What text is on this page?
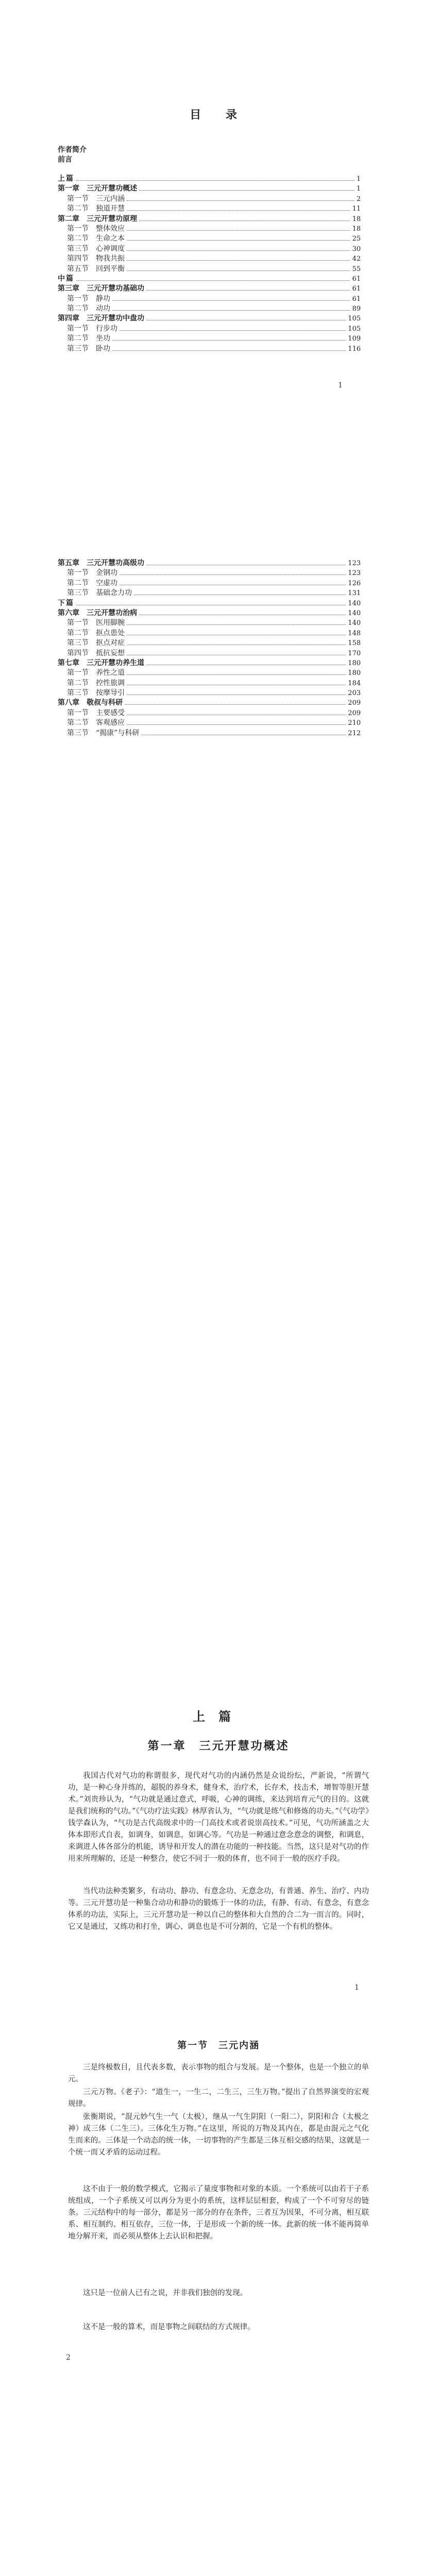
目 录
作者简介
前言
上篇	1
第一章　三元开慧功概述	1
第一节　三元内涵	2
第二节　独道开慧	11
第二章　三元开慧功原理	18
第一节　整体效应	18
第二节　生命之本	25
第三节　心神调度	30
第四节　物我共振	42
第五节　回到平衡	55
中篇	61
第三章　三元开慧功基础功	61
第一节　静功	61
第二节　动功	89
第四章　三元开慧功中盘功	105
第一节　行步功	105
第二节　坐功	109
第三节　卧功	116
1
第五章　三元开慧功高级功	123
第一节　金钢功	123
第二节　空虚功	126
第三节　基础念力功	131
下篇	140
第六章　三元开慧功治病	140
第一节　医用脚腕	140
第二节　抠点患处	148
第三节　抠点对症	158
第四节　抵抗妄想	170
第七章　三元开慧功养生道	180
第一节　养性之道	180
第二节　控性旅调	184
第三节　按摩导引	203
第八章　敬叔与科研	209
第一节　主要感受	209
第二节　客观感应	210
第三节　“揭康”与科研	212
上篇
第一章　三元开慧功概述

我国古代对气功的称谓很多，现代对气功的内涵仍然是众说纷纭，严新说，“所谓气功，是一种心身并练的，超脱的养身术，健身术，治疗术，长存术，技击术，增智等胆开慧术。”刘贵珍认为，“气功就是通过意式，呼吸，心神的调练，来达到培育元气的目的。这就是我们统称的气功。”《气功疗法实践》林厚省认为，“气功就是练气和修炼的功夫。”《气功学》钱学森认为，“气功是古代高级求中的一门高技术或者说崇高技术。”可见，气功所涵盖之大体本即形式自表，如调身，如调息，如调心等。气功是一种通过意念意念的调整，和调息，来调进人体各部分的机能，诱导和开发人的潜在功能的一种技能。当然，这只是对气功的作用来所理解的，还是一种整合，使它不同于一般的体育，也不同于一般的医疗手段。

当代功法种类繁多，有动功、静功、有意念功、无意念功，有普通、养生、治疗、内功等。三元开慧功是一种集合动功和静功的锻炼于一体的功法，有静、有动、有意念，有意念体系的功法，实际上，三元开慧功是一种以自己的整体和大自然的合二为一而言的。同时，它又是通过，又练功和打坐，调心、调息也是不可分割的，它是一个有机的整体。

1
第一节　三元内涵

三是终极数目，且代表多数，表示事物的组合与发展。是一个整体，也是一个独立的单元。

三元万物。《老子》：“道生一，一生二，二生三，三生万物。”提出了自然界演变的宏观规律。

张衡期说，“混元妙气生一气（太极），继从一气生阴阳（一阳二），阴阳和合（太极之神）成三体（二生三）。三体化生万物。”在这里，所说的万物及其内在，都是由混元之气化生而来的。三体是一个动态的统一体，一切事物的产生都是三体互相交感的结果，这就是一个统一而又矛盾的运动过程。

这不由于一般的数学模式，它揭示了量度事物和对象的本质。一个系统可以由若干子系统组成，一个子系统又可以再分为更小的系统，这样层层相套，构成了一个不可穷尽的链条。三元结构中的每一部分，都是另一部分的存在条件，三者互为因果，不可分离，相互联系、相互制约、相互依存，三位一体，于是形成一个新的统一体。此新的统一体不能再简单地分解开来，而必须从整体上去认识和把握。

这只是一位前人已有之说，并非我们独创的发现。

这不是一般的算术，而是事物之间联结的方式规律。

2
